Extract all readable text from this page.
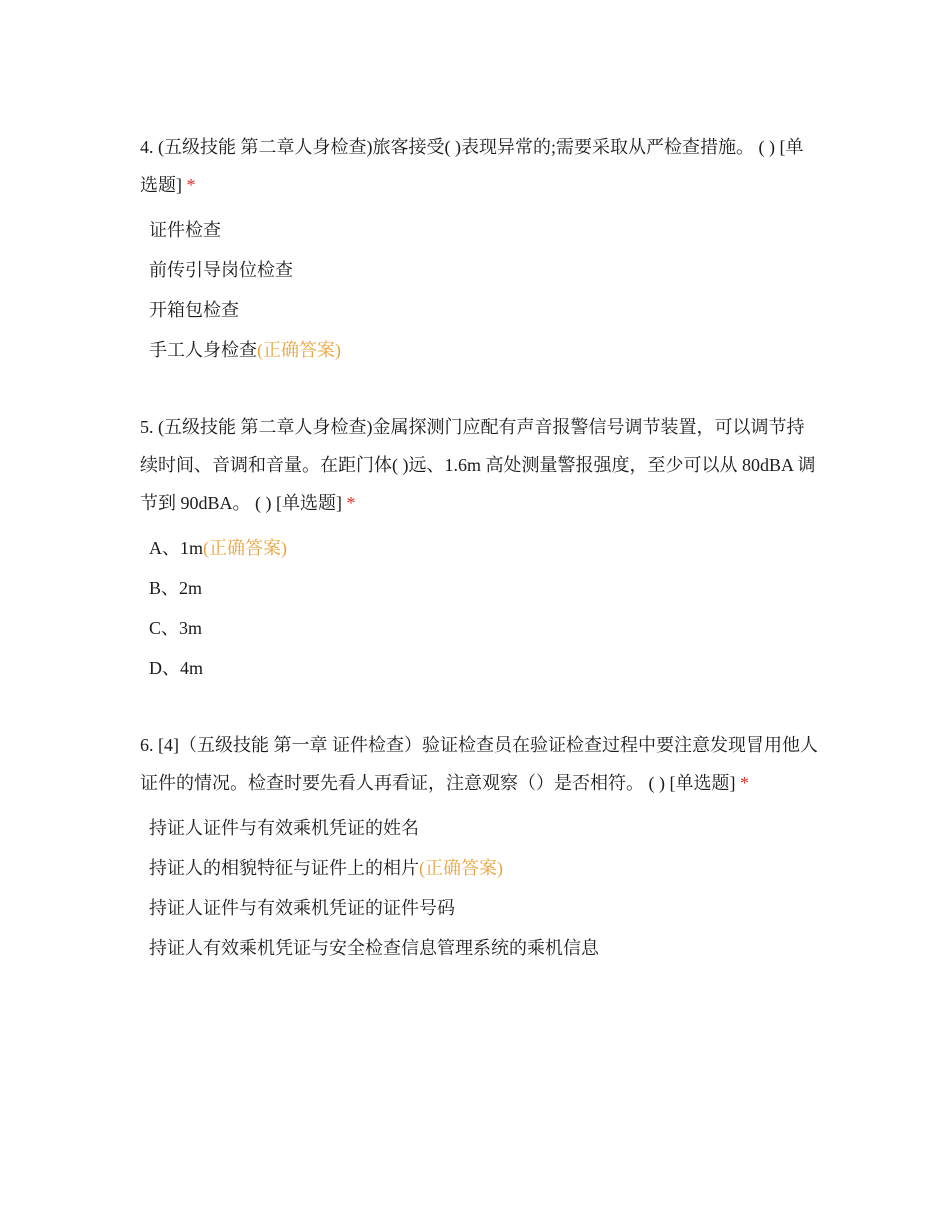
4. (五级技能 第二章人身检查)旅客接受( )表现异常的;需要采取从严检查措施。 ( ) [单选题] *

证件检查
前传引导岗位检查
开箱包检查
手工人身检查(正确答案)

5. (五级技能 第二章人身检查)金属探测门应配有声音报警信号调节装置，可以调节持续时间、音调和音量。在距门体( )远、1.6m 高处测量警报强度，至少可以从 80dBA 调节到 90dBA。 ( ) [单选题] *

A、1m(正确答案)
B、2m
C、3m
D、4m

6. [4]（五级技能 第一章 证件检查）验证检查员在验证检查过程中要注意发现冒用他人证件的情况。检查时要先看人再看证，注意观察（）是否相符。 ( ) [单选题] *

持证人证件与有效乘机凭证的姓名
持证人的相貌特征与证件上的相片(正确答案)
持证人证件与有效乘机凭证的证件号码
持证人有效乘机凭证与安全检查信息管理系统的乘机信息
